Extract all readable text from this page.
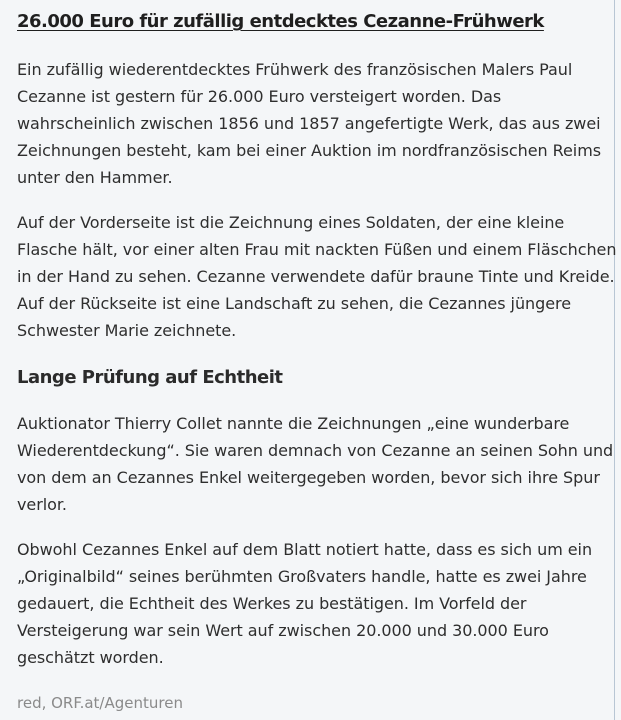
26.000 Euro für zufällig entdecktes Cezanne-Frühwerk

Ein zufällig wiederentdecktes Frühwerk des französischen Malers Paul Cezanne ist gestern für 26.000 Euro versteigert worden. Das wahrscheinlich zwischen 1856 und 1857 angefertigte Werk, das aus zwei Zeichnungen besteht, kam bei einer Auktion im nordfranzösischen Reims unter den Hammer.

Auf der Vorderseite ist die Zeichnung eines Soldaten, der eine kleine Flasche hält, vor einer alten Frau mit nackten Füßen und einem Fläschchen in der Hand zu sehen. Cezanne verwendete dafür braune Tinte und Kreide. Auf der Rückseite ist eine Landschaft zu sehen, die Cezannes jüngere Schwester Marie zeichnete.

Lange Prüfung auf Echtheit

Auktionator Thierry Collet nannte die Zeichnungen „eine wunderbare Wiederentdeckung“. Sie waren demnach von Cezanne an seinen Sohn und von dem an Cezannes Enkel weitergegeben worden, bevor sich ihre Spur verlor.

Obwohl Cezannes Enkel auf dem Blatt notiert hatte, dass es sich um ein „Originalbild“ seines berühmten Großvaters handle, hatte es zwei Jahre gedauert, die Echtheit des Werkes zu bestätigen. Im Vorfeld der Versteigerung war sein Wert auf zwischen 20.000 und 30.000 Euro geschätzt worden.

red, ORF.at/Agenturen
